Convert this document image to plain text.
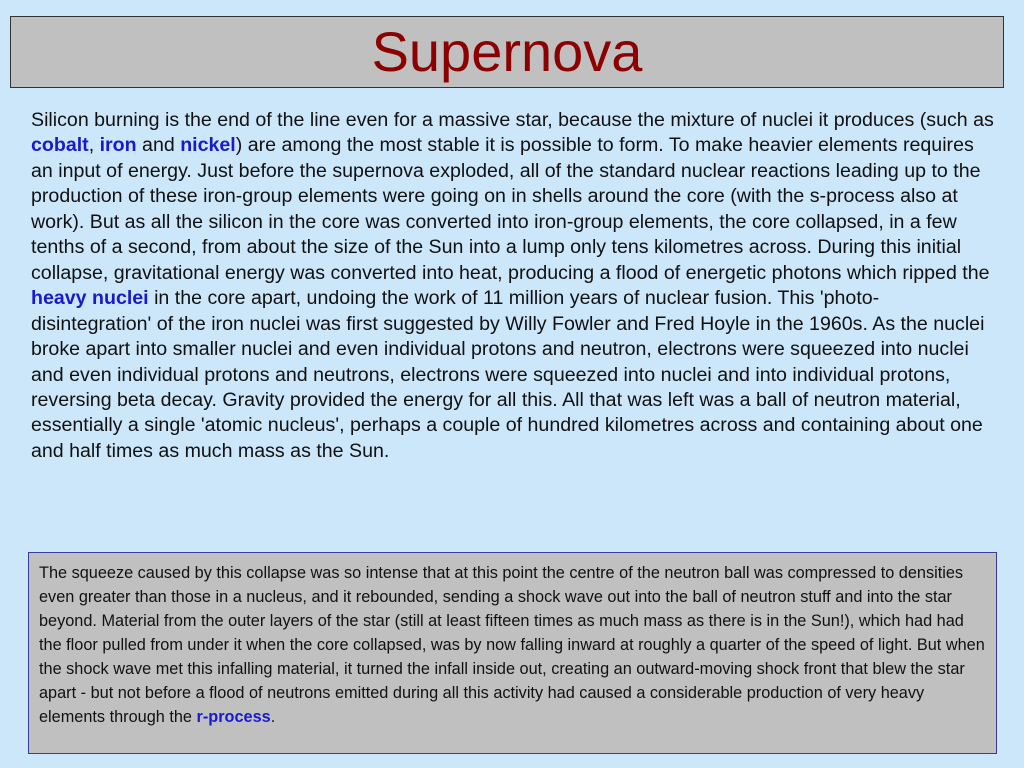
Supernova

Silicon burning is the end of the line even for a massive star, because the mixture of nuclei it produces (such as cobalt, iron and nickel) are among the most stable it is possible to form. To make heavier elements requires an input of energy. Just before the supernova exploded, all of the standard nuclear reactions leading up to the production of these iron-group elements were going on in shells around the core (with the s-process also at work). But as all the silicon in the core was converted into iron-group elements, the core collapsed, in a few tenths of a second, from about the size of the Sun into a lump only tens kilometres across. During this initial collapse, gravitational energy was converted into heat, producing a flood of energetic photons which ripped the heavy nuclei in the core apart, undoing the work of 11 million years of nuclear fusion. This 'photo-disintegration' of the iron nuclei was first suggested by Willy Fowler and Fred Hoyle in the 1960s. As the nuclei broke apart into smaller nuclei and even individual protons and neutron, electrons were squeezed into nuclei and even individual protons and neutrons, electrons were squeezed into nuclei and into individual protons, reversing beta decay. Gravity provided the energy for all this. All that was left was a ball of neutron material, essentially a single 'atomic nucleus', perhaps a couple of hundred kilometres across and containing about one and half times as much mass as the Sun.

The squeeze caused by this collapse was so intense that at this point the centre of the neutron ball was compressed to densities even greater than those in a nucleus, and it rebounded, sending a shock wave out into the ball of neutron stuff and into the star beyond. Material from the outer layers of the star (still at least fifteen times as much mass as there is in the Sun!), which had had the floor pulled from under it when the core collapsed, was by now falling inward at roughly a quarter of the speed of light. But when the shock wave met this infalling material, it turned the infall inside out, creating an outward-moving shock front that blew the star apart - but not before a flood of neutrons emitted during all this activity had caused a considerable production of very heavy elements through the r-process.
